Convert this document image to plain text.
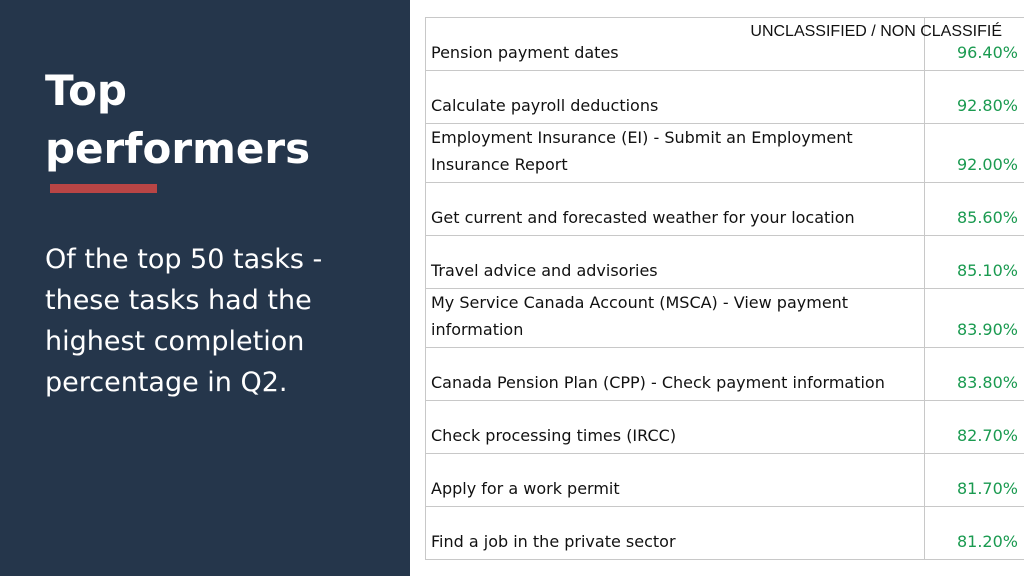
Top performers

Of the top 50 tasks - these tasks had the highest completion percentage in Q2.

Pension payment dates	96.40%
Calculate payroll deductions	92.80%
Employment Insurance (EI) - Submit an Employment Insurance Report	92.00%
Get current and forecasted weather for your location	85.60%
Travel advice and advisories	85.10%
My Service Canada Account (MSCA) - View payment information	83.90%
Canada Pension Plan (CPP) - Check payment information	83.80%
Check processing times (IRCC)	82.70%
Apply for a work permit	81.70%
Find a job in the private sector	81.20%
UNCLASSIFIED / NON CLASSIFIÉ
